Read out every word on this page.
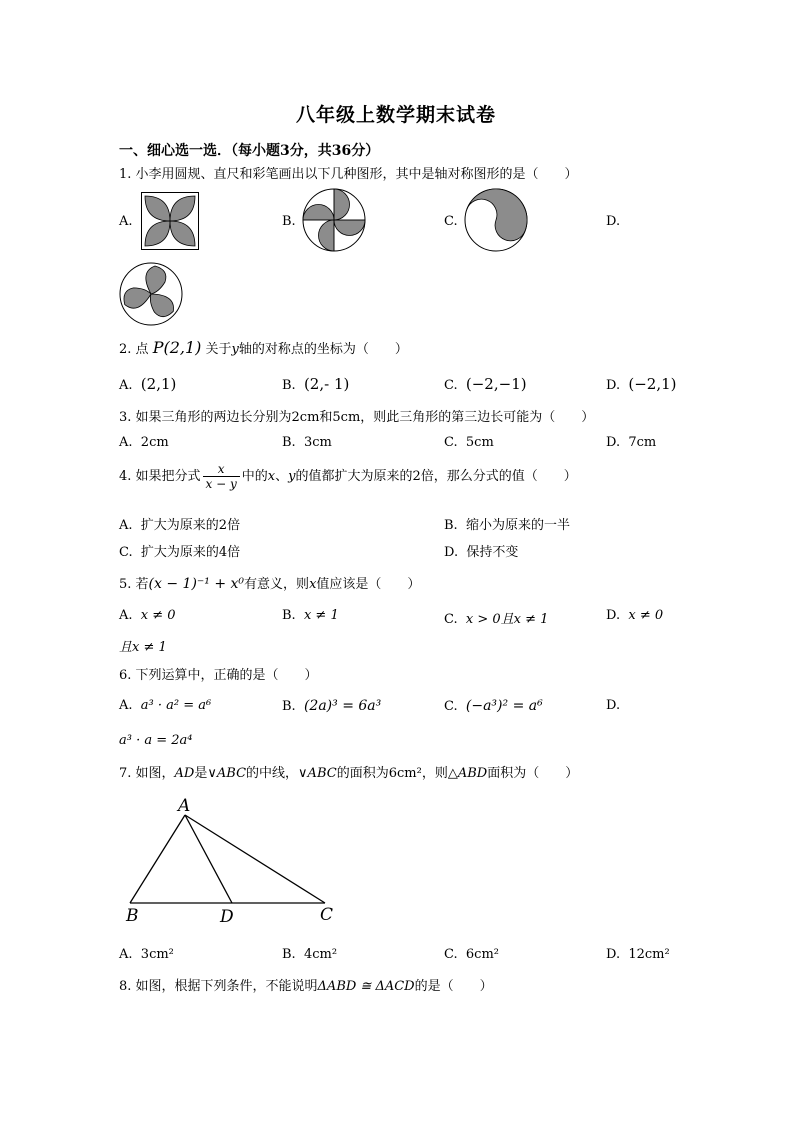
八年级上数学期末试卷
一、细心选一选．（每小题3分，共36分）
1. 小李用圆规、直尺和彩笔画出以下几种图形，其中是轴对称图形的是（　　）
A.	B.	C.	D.
2. 点 P(2,1) 关于y轴的对称点的坐标为（　　）
A. (2,1)	B. (2,- 1)	C. (−2,−1)	D. (−2,1)
3. 如果三角形的两边长分别为2cm和5cm，则此三角形的第三边长可能为（　　）
A. 2cm	B. 3cm	C. 5cm	D. 7cm
4. 如果把分式 $\frac{x}{x - y}$ 中的x、y的值都扩大为原来的2倍，那么分式的值（　　）
A. 扩大为原来的2倍	B. 缩小为原来的一半
C. 扩大为原来的4倍	D. 保持不变
5. 若(x − 1)⁻¹ + x⁰有意义，则x值应该是（　　）
A. x ≠ 0	B. x ≠ 1	C. x > 0且x ≠ 1	D. x ≠ 0
且x ≠ 1
6. 下列运算中，正确的是（　　）
A. a³ · a² = a⁶	B. (2a)³ = 6a³	C. (−a³)² = a⁶	D.
a³ · a = 2a⁴
7. 如图，AD是∨ABC的中线，∨ABC的面积为6cm²，则△ABD面积为（　　）
A
B	D	C
A. 3cm²	B. 4cm²	C. 6cm²	D. 12cm²
8. 如图，根据下列条件，不能说明ΔABD ≅ ΔACD的是（　　）
